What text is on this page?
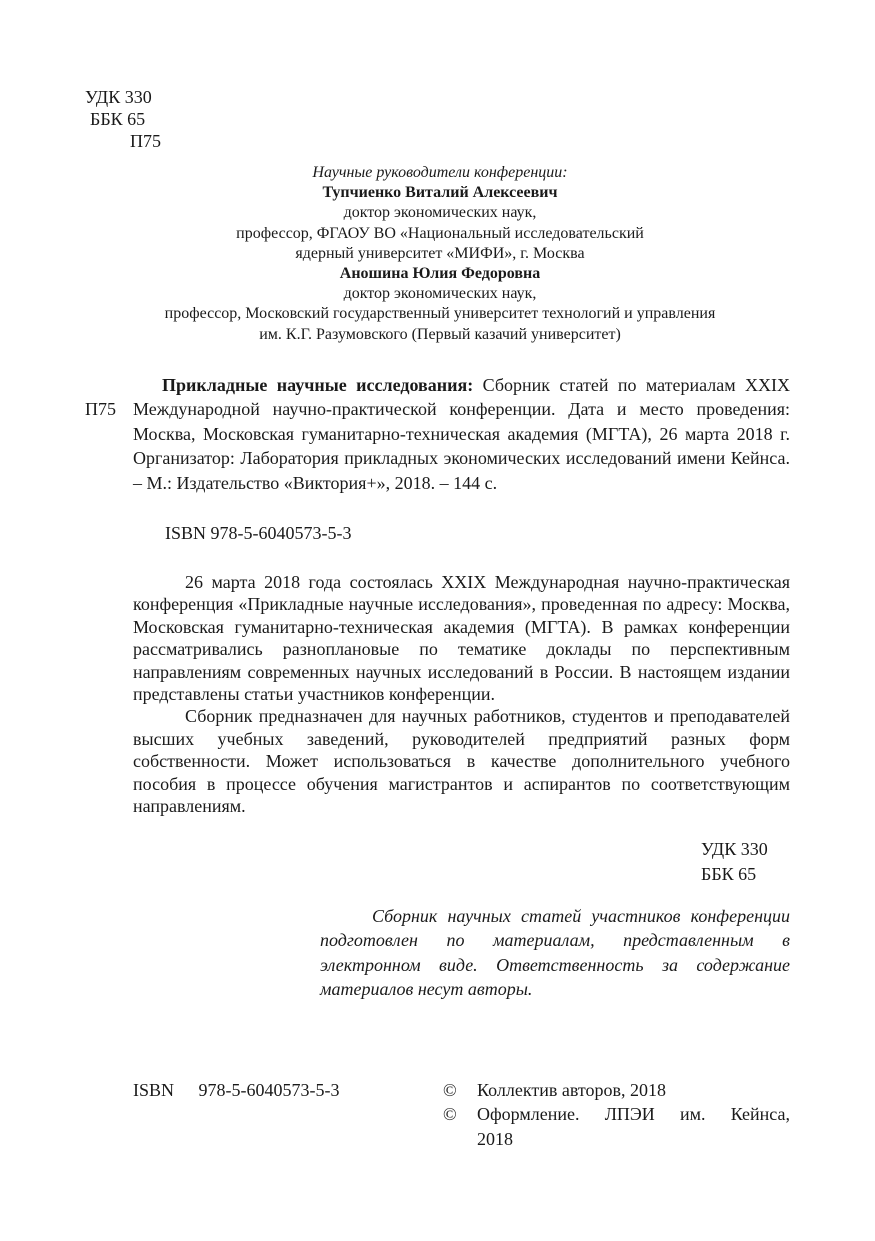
УДК 330
ББК 65
П75
Научные руководители конференции:
Тупчиенко Виталий Алексеевич
доктор экономических наук,
профессор, ФГАОУ ВО «Национальный исследовательский
ядерный университет «МИФИ», г. Москва
Аношина Юлия Федоровна
доктор экономических наук,
профессор, Московский государственный университет технологий и управления
им. К.Г. Разумовского (Первый казачий университет)
П75
Прикладные научные исследования: Сборник статей по материалам XXIX Международной научно-практической конференции. Дата и место проведения: Москва, Московская гуманитарно-техническая академия (МГТА), 26 марта 2018 г. Организатор: Лаборатория прикладных экономических исследований имени Кейнса. – М.: Издательство «Виктория+», 2018. – 144 с.
ISBN 978-5-6040573-5-3

26 марта 2018 года состоялась XXIX Международная научно-практическая конференция «Прикладные научные исследования», проведенная по адресу: Москва, Московская гуманитарно-техническая академия (МГТА). В рамках конференции рассматривались разноплановые по тематике доклады по перспективным направлениям современных научных исследований в России. В настоящем издании представлены статьи участников конференции.

Сборник предназначен для научных работников, студентов и преподавателей высших учебных заведений, руководителей предприятий разных форм собственности. Может использоваться в качестве дополнительного учебного пособия в процессе обучения магистрантов и аспирантов по соответствующим направлениям.

УДК 330
ББК 65
Сборник научных статей участников конференции подготовлен по материалам, представленным в электронном виде. Ответственность за содержание материалов несут авторы.
ISBN 978-5-6040573-5-3	©	Коллектив авторов, 2018
©	Оформление. ЛПЭИ им. Кейнса,
2018
